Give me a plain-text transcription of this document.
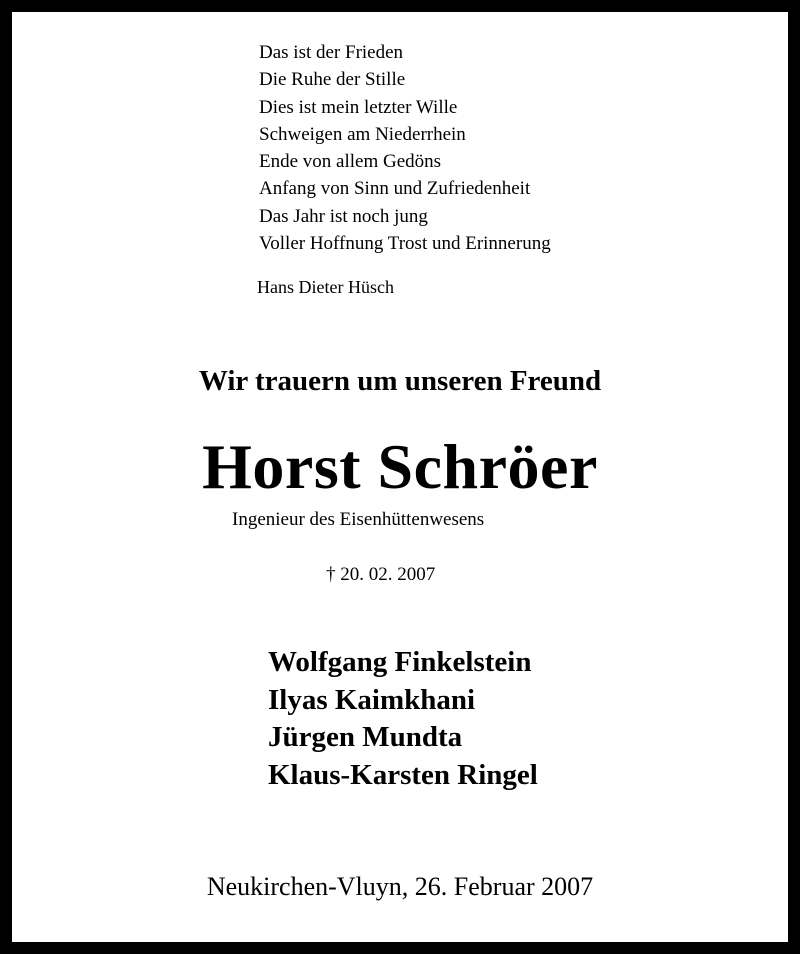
Das ist der Frieden
Die Ruhe der Stille
Dies ist mein letzter Wille
Schweigen am Niederrhein
Ende von allem Gedöns
Anfang von Sinn und Zufriedenheit
Das Jahr ist noch jung
Voller Hoffnung Trost und Erinnerung
Hans Dieter Hüsch
Wir trauern um unseren Freund
Horst Schröer
Ingenieur des Eisenhüttenwesens
† 20. 02. 2007
Wolfgang Finkelstein
Ilyas Kaimkhani
Jürgen Mundta
Klaus-Karsten Ringel
Neukirchen-Vluyn, 26. Februar 2007
